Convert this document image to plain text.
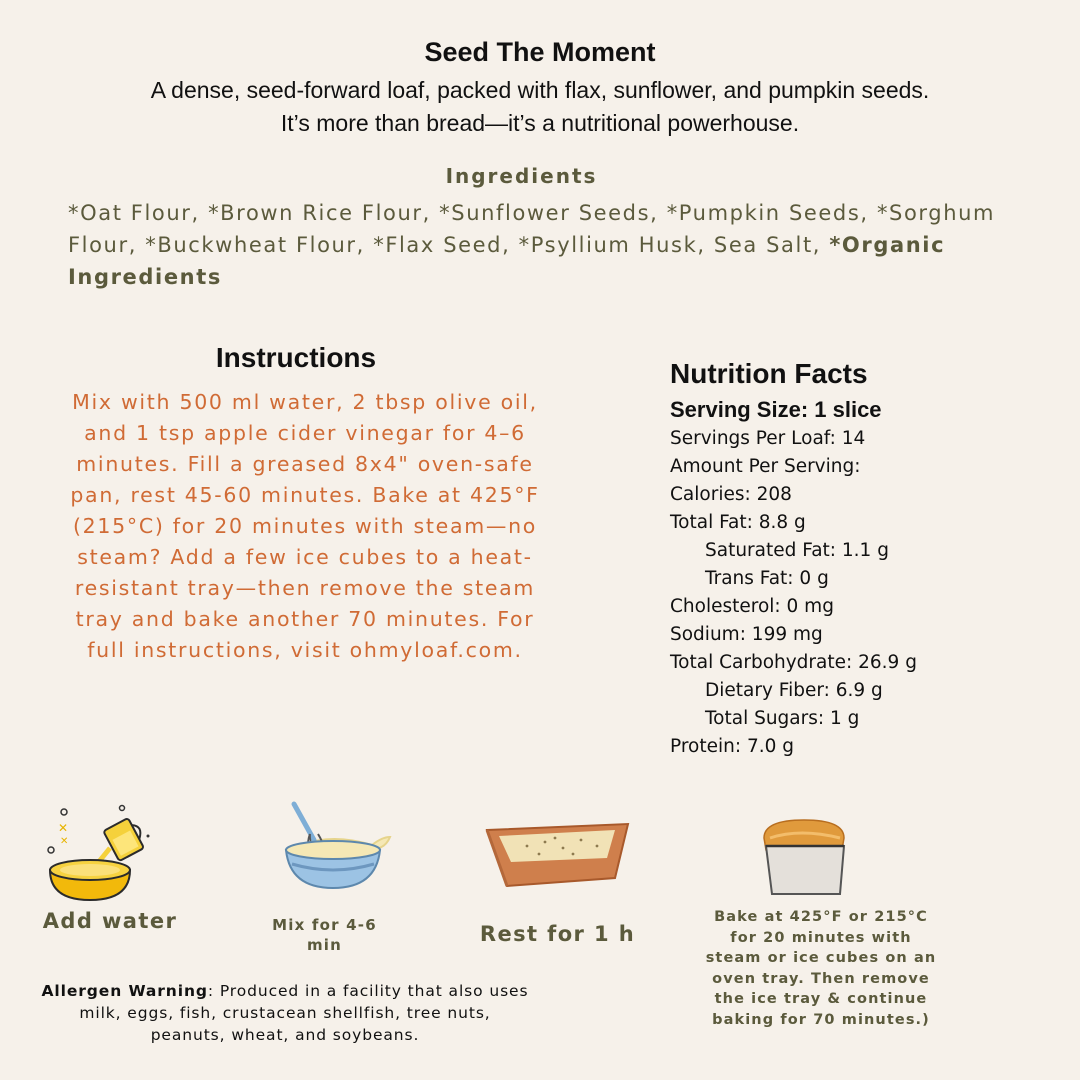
Seed The Moment
A dense, seed-forward loaf, packed with flax, sunflower, and pumpkin seeds. It’s more than bread—it’s a nutritional powerhouse.
Ingredients
*Oat Flour, *Brown Rice Flour, *Sunflower Seeds, *Pumpkin Seeds, *Sorghum Flour, *Buckwheat Flour, *Flax Seed, *Psyllium Husk, Sea Salt, *Organic Ingredients
Instructions
Mix with 500 ml water, 2 tbsp olive oil, and 1 tsp apple cider vinegar for 4–6 minutes. Fill a greased 8x4" oven-safe pan, rest 45-60 minutes. Bake at 425°F (215°C) for 20 minutes with steam—no steam? Add a few ice cubes to a heat-resistant tray—then remove the steam tray and bake another 70 minutes. For full instructions, visit ohmyloaf.com.
Nutrition Facts
Serving Size: 1 slice
Servings Per Loaf: 14
Amount Per Serving:
Calories: 208
Total Fat: 8.8 g
Saturated Fat: 1.1 g
Trans Fat: 0 g
Cholesterol: 0 mg
Sodium: 199 mg
Total Carbohydrate: 26.9 g
Dietary Fiber: 6.9 g
Total Sugars: 1 g
Protein: 7.0 g
✕
✕
Add water	Mix for 4-6 min	Rest for 1 h
Bake at 425°F or 215°C for 20 minutes with steam or ice cubes on an oven tray. Then remove the ice tray & continue baking for 70 minutes.)
Allergen Warning: Produced in a facility that also uses milk, eggs, fish, crustacean shellfish, tree nuts, peanuts, wheat, and soybeans.
